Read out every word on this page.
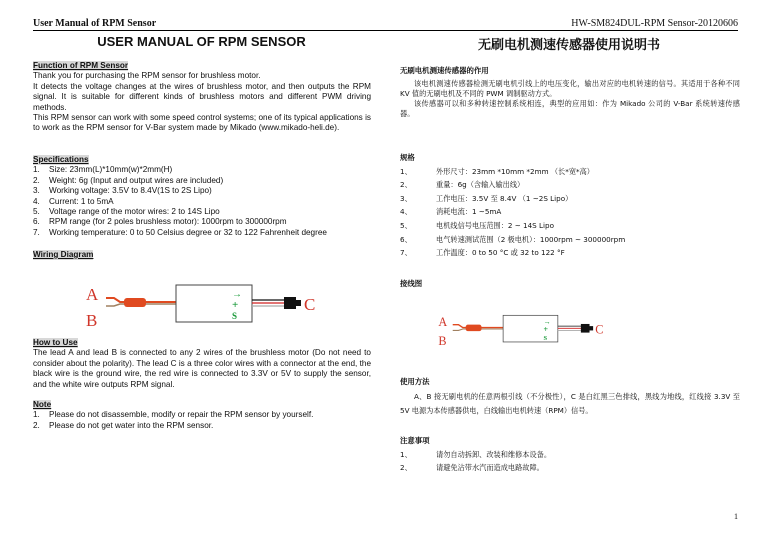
User Manual of RPM Sensor	HW-SM824DUL-RPM Sensor-20120606
USER MANUAL OF RPM SENSOR	无刷电机测速传感器使用说明书
Function of RPM Sensor
Thank you for purchasing the RPM sensor for brushless motor.
It detects the voltage changes at the wires of brushless motor, and then outputs the RPM signal. It is suitable for different kinds of brushless motors and different PWM driving methods.
This RPM sensor can work with some speed control systems; one of its typical applications is to work as the RPM sensor for V-Bar system made by Mikado (www.mikado-heli.de).
Specifications
1.	Size: 23mm(L)*10mm(w)*2mm(H)
2.	Weight: 6g (Input and output wires are included)
3.	Working voltage: 3.5V to 8.4V(1S to 2S Lipo)
4.	Current: 1 to 5mA
5.	Voltage range of the motor wires: 2 to 14S Lipo
6.	RPM range (for 2 poles brushless motor): 1000rpm to 300000rpm
7.	Working temperature: 0 to 50 Celsius degree or 32 to 122 Fahrenheit degree
Wiring Diagram
A
B
→
+
S
C
How to Use
The lead A and lead B is connected to any 2 wires of the brushless motor (Do not need to consider about the polarity). The lead C is a three color wires with a connector at the end, the black wire is the ground wire, the red wire is connected to 3.3V or 5V to supply the sensor, and the white wire outputs RPM signal.
Note
1.	Please do not disassemble, modify or repair the RPM sensor by yourself.
2.	Please do not get water into the RPM sensor.
无刷电机测速传感器的作用
该电机测速传感器检测无刷电机引线上的电压变化，输出对应的电机转速的信号。其适用于各种不同 KV 值的无刷电机及不同的 PWM 调制驱动方式。
该传感器可以和多种转速控制系统相连，典型的应用如：作为 Mikado 公司的 V-Bar 系统转速传感器。
规格
1、	外形尺寸：23mm *10mm *2mm （长*宽*高）
2、	重量：6g（含输入输出线）
3、	工作电压：3.5V 至 8.4V （1 ~2S Lipo）
4、	消耗电流：1 ~5mA
5、	电机线信号电压范围：2 ~ 14S Lipo
6、	电气转速测试范围（2 极电机）：1000rpm ~ 300000rpm
7、	工作温度：0 to 50 °C 或 32 to 122 °F
接线图
A
B
→
+
S
C
使用方法
A、B 接无刷电机的任意两根引线（不分极性），C 是白红黑三色排线，黑线为地线，红线接 3.3V 至 5V 电源为本传感器供电，白线输出电机转速（RPM）信号。
注意事项
1、	请勿自动拆卸、改装和维修本设备。
2、	请避免沾带水汽而造成电路故障。
1
